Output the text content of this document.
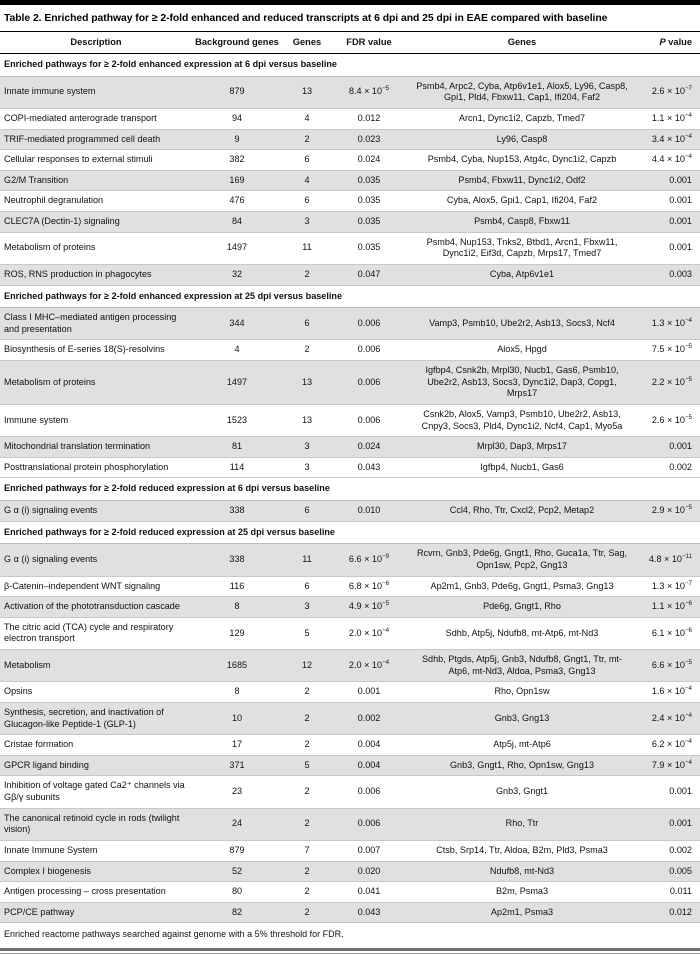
Table 2. Enriched pathway for ≥ 2-fold enhanced and reduced transcripts at 6 dpi and 25 dpi in EAE compared with baseline
Description	Background genes	Genes	FDR value	Genes	P value
Enriched pathways for ≥ 2-fold enhanced expression at 6 dpi versus baseline					
Innate immune system	879	13	$8.4 \times 10^{-5}$	Psmb4, Arpc2, Cyba, Atp6v1e1, Alox5, Ly96, Casp8, Gpi1, Pld4, Fbxw11, Cap1, Ifi204, Faf2	$2.6 \times 10^{-7}$
COPI-mediated anterograde transport	94	4	0.012	Arcn1, Dync1i2, Capzb, Tmed7	$1.1 \times 10^{-4}$
TRIF-mediated programmed cell death	9	2	0.023	Ly96, Casp8	$3.4 \times 10^{-4}$
Cellular responses to external stimuli	382	6	0.024	Psmb4, Cyba, Nup153, Atg4c, Dync1i2, Capzb	$4.4 \times 10^{-4}$
G2/M Transition	169	4	0.035	Psmb4, Fbxw11, Dync1i2, Odf2	0.001
Neutrophil degranulation	476	6	0.035	Cyba, Alox5, Gpi1, Cap1, Ifi204, Faf2	0.001
CLEC7A (Dectin-1) signaling	84	3	0.035	Psmb4, Casp8, Fbxw11	0.001
Metabolism of proteins	1497	11	0.035	Psmb4, Nup153, Tnks2, Btbd1, Arcn1, Fbxw11, Dync1i2, Eif3d, Capzb, Mrps17, Tmed7	0.001
ROS, RNS production in phagocytes	32	2	0.047	Cyba, Atp6v1e1	0.003
Enriched pathways for ≥ 2-fold enhanced expression at 25 dpi versus baseline					
Class I MHC–mediated antigen processing and presentation	344	6	0.006	Vamp3, Psmb10, Ube2r2, Asb13, Socs3, Ncf4	$1.3 \times 10^{-4}$
Biosynthesis of E-series 18(S)-resolvins	4	2	0.006	Alox5, Hpgd	$7.5 \times 10^{-5}$
Metabolism of proteins	1497	13	0.006	Igfbp4, Csnk2b, Mrpl30, Nucb1, Gas6, Psmb10, Ube2r2, Asb13, Socs3, Dync1i2, Dap3, Copg1, Mrps17	$2.2 \times 10^{-5}$
Immune system	1523	13	0.006	Csnk2b, Alox5, Vamp3, Psmb10, Ube2r2, Asb13, Cnpy3, Socs3, Pld4, Dync1i2, Ncf4, Cap1, Myo5a	$2.6 \times 10^{-5}$
Mitochondrial translation termination	81	3	0.024	Mrpl30, Dap3, Mrps17	0.001
Posttranslational protein phosphorylation	114	3	0.043	Igfbp4, Nucb1, Gas6	0.002
Enriched pathways for ≥ 2-fold reduced expression at 6 dpi versus baseline					
G α (i) signaling events	338	6	0.010	Ccl4, Rho, Ttr, Cxcl2, Pcp2, Metap2	$2.9 \times 10^{-5}$
Enriched pathways for ≥ 2-fold reduced expression at 25 dpi versus baseline					
G α (i) signaling events	338	11	$6.6 \times 10^{-9}$	Rcvrn, Gnb3, Pde6g, Gngt1, Rho, Guca1a, Ttr, Sag, Opn1sw, Pcp2, Gng13	$4.8 \times 10^{-11}$
β-Catenin–independent WNT signaling	116	6	$6.8 \times 10^{-6}$	Ap2m1, Gnb3, Pde6g, Gngt1, Psma3, Gng13	$1.3 \times 10^{-7}$
Activation of the phototransduction cascade	8	3	$4.9 \times 10^{-5}$	Pde6g, Gngt1, Rho	$1.1 \times 10^{-6}$
The citric acid (TCA) cycle and respiratory electron transport	129	5	$2.0 \times 10^{-4}$	Sdhb, Atp5j, Ndufb8, mt-Atp6, mt-Nd3	$6.1 \times 10^{-6}$
Metabolism	1685	12	$2.0 \times 10^{-4}$	Sdhb, Ptgds, Atp5j, Gnb3, Ndufb8, Gngt1, Ttr, mt-Atp6, mt-Nd3, Aldoa, Psma3, Gng13	$6.6 \times 10^{-5}$
Opsins	8	2	0.001	Rho, Opn1sw	$1.6 \times 10^{-4}$
Synthesis, secretion, and inactivation of Glucagon-like Peptide-1 (GLP-1)	10	2	0.002	Gnb3, Gng13	$2.4 \times 10^{-4}$
Cristae formation	17	2	0.004	Atp5j, mt-Atp6	$6.2 \times 10^{-4}$
GPCR ligand binding	371	5	0.004	Gnb3, Gngt1, Rho, Opn1sw, Gng13	$7.9 \times 10^{-4}$
Inhibition of voltage gated Ca2⁺ channels via Gβ/γ subunits	23	2	0.006	Gnb3, Gngt1	0.001
The canonical retinoid cycle in rods (twilight vision)	24	2	0.006	Rho, Ttr	0.001
Innate Immune System	879	7	0.007	Ctsb, Srp14, Ttr, Aldoa, B2m, Pld3, Psma3	0.002
Complex I biogenesis	52	2	0.020	Ndufb8, mt-Nd3	0.005
Antigen processing – cross presentation	80	2	0.041	B2m, Psma3	0.011
PCP/CE pathway	82	2	0.043	Ap2m1, Psma3	0.012
Enriched reactome pathways searched against genome with a 5% threshold for FDR.					
